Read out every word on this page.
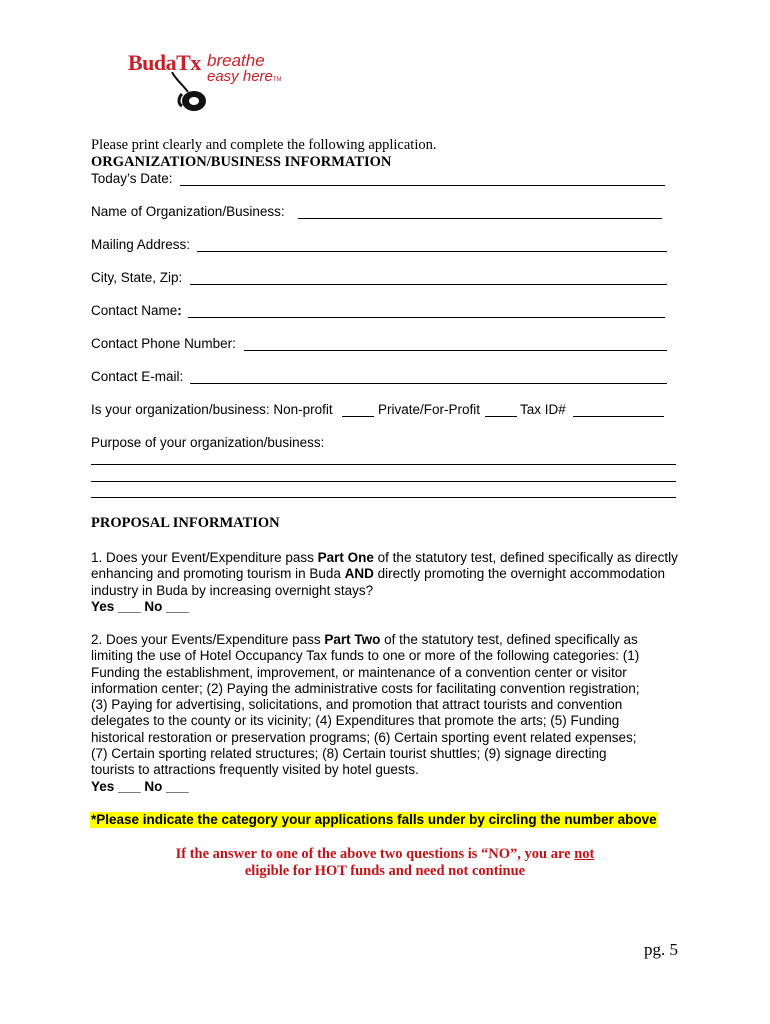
BudaTx breathe
easy hereTM
Please print clearly and complete the following application.
ORGANIZATION/BUSINESS INFORMATION
Today’s Date:
Name of Organization/Business:
Mailing Address:
City, State, Zip:
Contact Name:
Contact Phone Number:
Contact E-mail:
Is your organization/business: Non-profit	Private/For-Profit	Tax ID#
Purpose of your organization/business:
PROPOSAL INFORMATION
1. Does your Event/Expenditure pass Part One of the statutory test, defined specifically as directly enhancing and promoting tourism in Buda AND directly promoting the overnight accommodation industry in Buda by increasing overnight stays?
Yes ___ No ___
2. Does your Events/Expenditure pass Part Two of the statutory test, defined specifically as limiting the use of Hotel Occupancy Tax funds to one or more of the following categories: (1) Funding the establishment, improvement, or maintenance of a convention center or visitor information center; (2) Paying the administrative costs for facilitating convention registration; (3) Paying for advertising, solicitations, and promotion that attract tourists and convention delegates to the county or its vicinity; (4) Expenditures that promote the arts; (5) Funding historical restoration or preservation programs; (6) Certain sporting event related expenses; (7) Certain sporting related structures; (8) Certain tourist shuttles; (9) signage directing tourists to attractions frequently visited by hotel guests.
Yes ___ No ___
*Please indicate the category your applications falls under by circling the number above
If the answer to one of the above two questions is “NO”, you are not
eligible for HOT funds and need not continue
pg. 5
